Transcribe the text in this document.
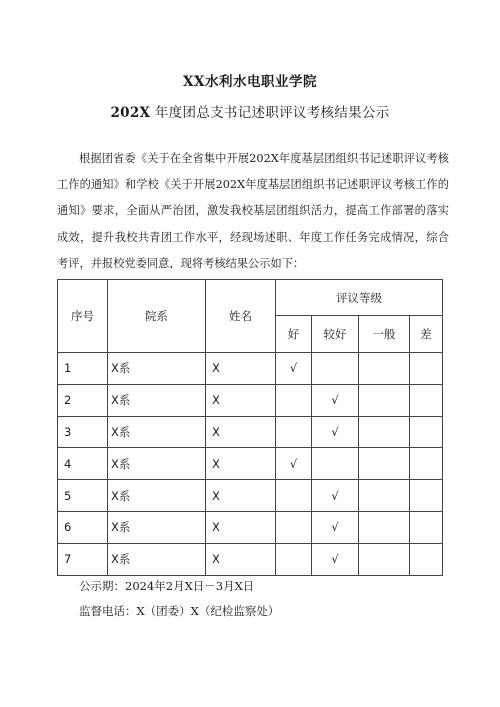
XX水利水电职业学院
202X 年度团总支书记述职评议考核结果公示
根据团省委《关于在全省集中开展202X年度基层团组织书记述职评议考核工作的通知》和学校《关于开展202X年度基层团组织书记述职评议考核工作的通知》要求，全面从严治团，激发我校基层团组织活力，提高工作部署的落实成效，提升我校共青团工作水平，经现场述职、年度工作任务完成情况，综合考评，并报校党委同意，现将考核结果公示如下：
序号	院系	姓名	评议等级			
			好	较好	一般	差
1	X系	X	√			
2	X系	X		√		
3	X系	X		√		
4	X系	X	√			
5	X系	X		√		
6	X系	X		√		
7	X系	X		√		
公示期：2024年2月X日－3月X日
监督电话：X（团委）X（纪检监察处）
